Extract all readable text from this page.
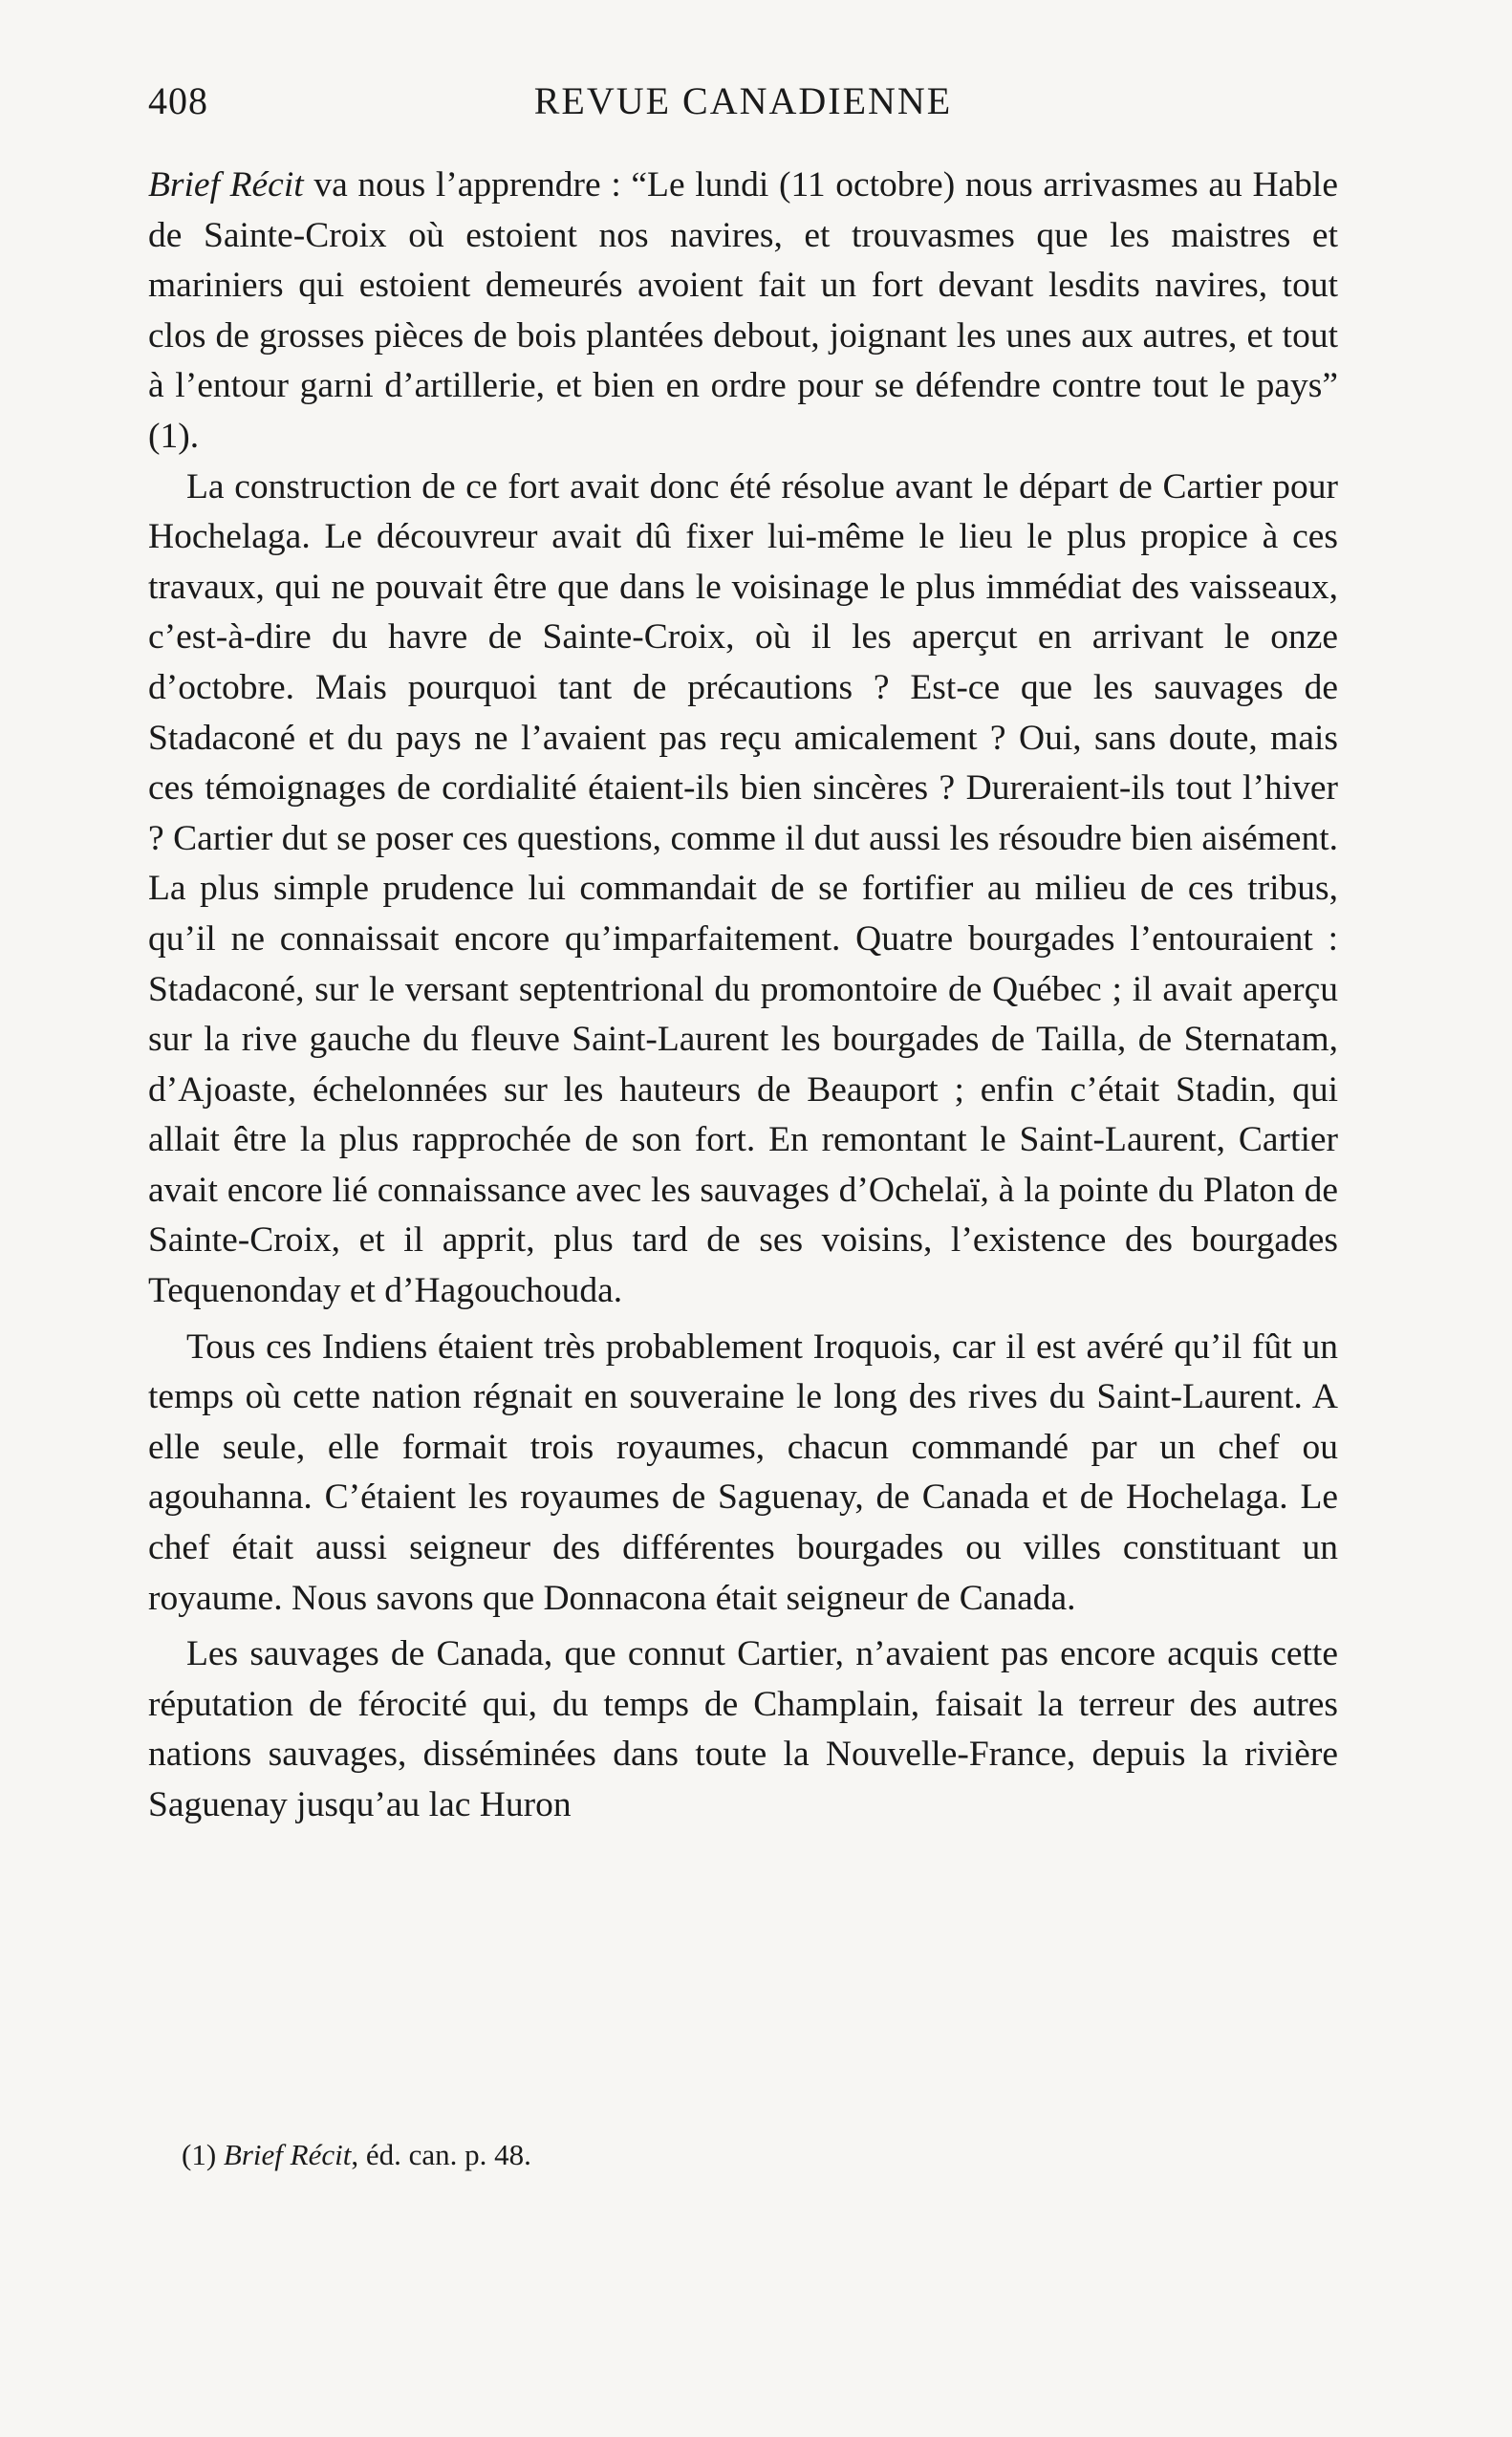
408	REVUE CANADIENNE

Brief Récit va nous l’apprendre : “Le lundi (11 octobre) nous arrivasmes au Hable de Sainte-Croix où estoient nos navires, et trouvasmes que les maistres et mariniers qui estoient demeurés avoient fait un fort devant lesdits navires, tout clos de grosses pièces de bois plantées debout, joignant les unes aux autres, et tout à l’entour garni d’artillerie, et bien en ordre pour se défendre contre tout le pays” (1).

La construction de ce fort avait donc été résolue avant le départ de Cartier pour Hochelaga. Le découvreur avait dû fixer lui-même le lieu le plus propice à ces travaux, qui ne pouvait être que dans le voisinage le plus immédiat des vaisseaux, c’est-à-dire du havre de Sainte-Croix, où il les aperçut en arrivant le onze d’octobre. Mais pourquoi tant de précautions ? Est-ce que les sauvages de Stadaconé et du pays ne l’avaient pas reçu amicalement ? Oui, sans doute, mais ces témoignages de cordialité étaient-ils bien sincères ? Dureraient-ils tout l’hiver ? Cartier dut se poser ces questions, comme il dut aussi les résoudre bien aisément. La plus simple prudence lui commandait de se fortifier au milieu de ces tribus, qu’il ne connaissait encore qu’imparfaitement. Quatre bourgades l’entouraient : Stadaconé, sur le versant septentrional du promontoire de Québec ; il avait aperçu sur la rive gauche du fleuve Saint-Laurent les bourgades de Tailla, de Sternatam, d’Ajoaste, échelonnées sur les hauteurs de Beauport ; enfin c’était Stadin, qui allait être la plus rapprochée de son fort. En remontant le Saint-Laurent, Cartier avait encore lié connaissance avec les sauvages d’Ochelaï, à la pointe du Platon de Sainte-Croix, et il apprit, plus tard de ses voisins, l’existence des bourgades Tequenonday et d’Hagouchouda.

Tous ces Indiens étaient très probablement Iroquois, car il est avéré qu’il fût un temps où cette nation régnait en souveraine le long des rives du Saint-Laurent. A elle seule, elle formait trois royaumes, chacun commandé par un chef ou agouhanna. C’étaient les royaumes de Saguenay, de Canada et de Hochelaga. Le chef était aussi seigneur des différentes bourgades ou villes constituant un royaume. Nous savons que Donnacona était seigneur de Canada.

Les sauvages de Canada, que connut Cartier, n’avaient pas encore acquis cette réputation de férocité qui, du temps de Champlain, faisait la terreur des autres nations sauvages, disséminées dans toute la Nouvelle-France, depuis la rivière Saguenay jusqu’au lac Huron

(1) Brief Récit, éd. can. p. 48.
